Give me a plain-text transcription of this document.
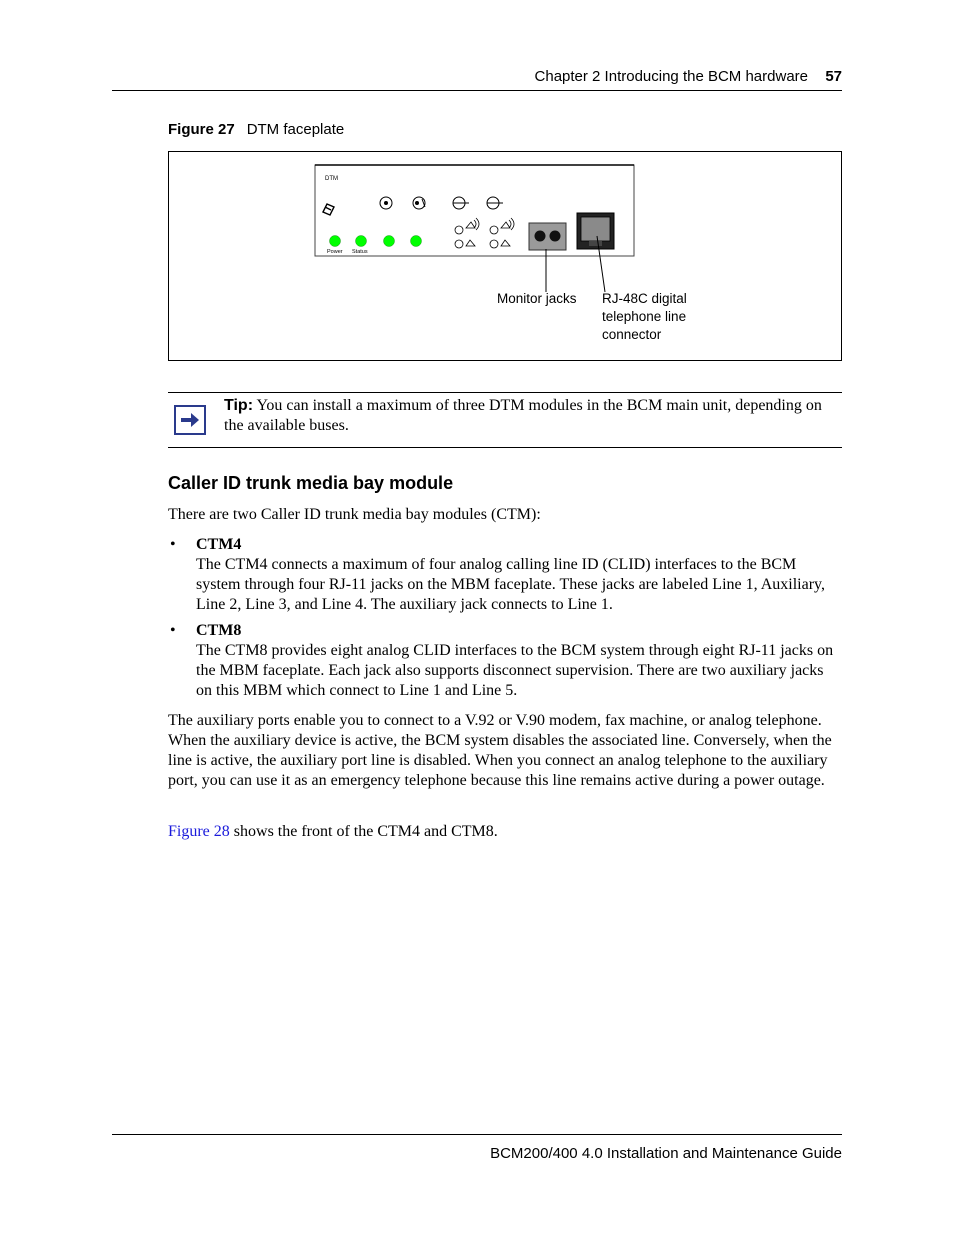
Chapter 2 Introducing the BCM hardware 57
Figure 27 DTM faceplate
DTM
Power Status
Monitor jacks RJ-48C digital
telephone line
connector
Tip: You can install a maximum of three DTM modules in the BCM main unit, depending on the available buses.
Caller ID trunk media bay module
There are two Caller ID trunk media bay modules (CTM):
• CTM4
The CTM4 connects a maximum of four analog calling line ID (CLID) interfaces to the BCM system through four RJ-11 jacks on the MBM faceplate. These jacks are labeled Line 1, Auxiliary, Line 2, Line 3, and Line 4. The auxiliary jack connects to Line 1.
• CTM8
The CTM8 provides eight analog CLID interfaces to the BCM system through eight RJ-11 jacks on the MBM faceplate. Each jack also supports disconnect supervision. There are two auxiliary jacks on this MBM which connect to Line 1 and Line 5.
The auxiliary ports enable you to connect to a V.92 or V.90 modem, fax machine, or analog telephone. When the auxiliary device is active, the BCM system disables the associated line. Conversely, when the line is active, the auxiliary port line is disabled. When you connect an analog telephone to the auxiliary port, you can use it as an emergency telephone because this line remains active during a power outage.
Figure 28 shows the front of the CTM4 and CTM8.
BCM200/400 4.0 Installation and Maintenance Guide
